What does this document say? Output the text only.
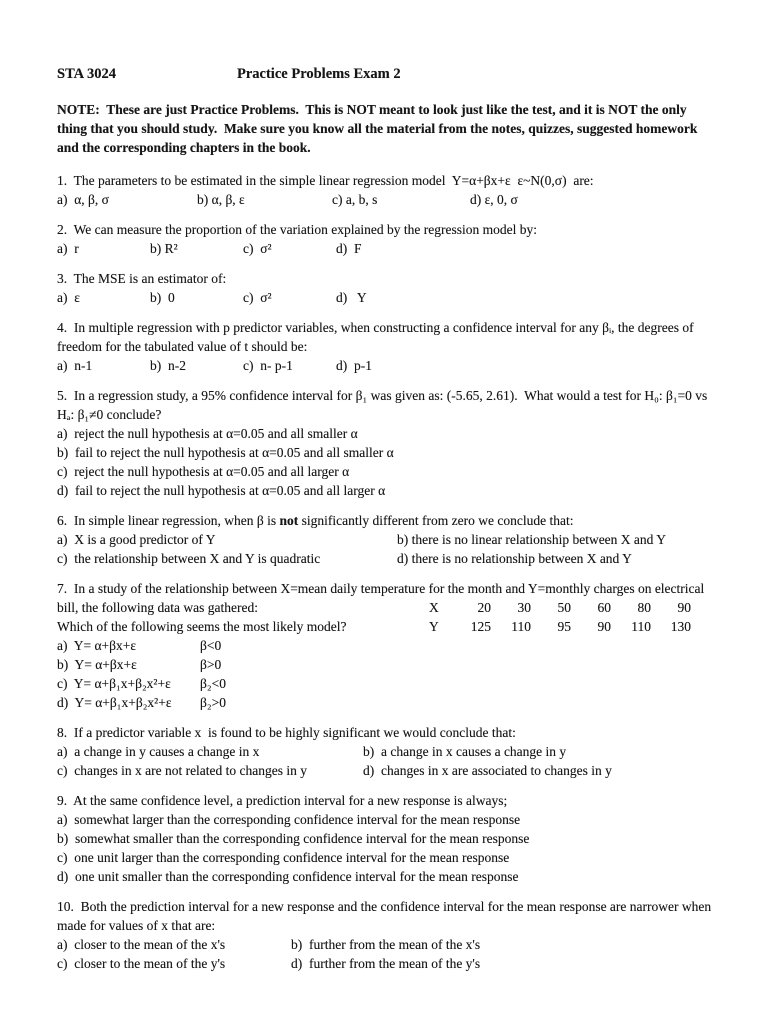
STA 3024	Practice Problems Exam 2

NOTE:  These are just Practice Problems.  This is NOT meant to look just like the test, and it is NOT the only thing that you should study.  Make sure you know all the material from the notes, quizzes, suggested homework and the corresponding chapters in the book.

1.  The parameters to be estimated in the simple linear regression model  Y=α+βx+ε  ε~N(0,σ)  are:

a)  α, β, σ	b) α, β, ε	c) a, b, s	d) ε, 0, σ

2.  We can measure the proportion of the variation explained by the regression model by:

a)  r	b) R²	c)  σ²	d)  F

3.  The MSE is an estimator of:

a)  ε	b)  0	c)  σ²	d)   Y

4.  In multiple regression with p predictor variables, when constructing a confidence interval for any βᵢ, the degrees of freedom for the tabulated value of t should be:

a)  n-1	b)  n-2	c)  n- p-1	d)  p-1

5.  In a regression study, a 95% confidence interval for β₁ was given as: (-5.65, 2.61).  What would a test for H₀: β₁=0 vs Hₐ: β₁≠0 conclude?

a)  reject the null hypothesis at α=0.05 and all smaller α

b)  fail to reject the null hypothesis at α=0.05 and all smaller α

c)  reject the null hypothesis at α=0.05 and all larger α

d)  fail to reject the null hypothesis at α=0.05 and all larger α

6.  In simple linear regression, when β is not significantly different from zero we conclude that:

a)  X is a good predictor of Y	b) there is no linear relationship between X and Y

c)  the relationship between X and Y is quadratic	d) there is no relationship between X and Y

7.  In a study of the relationship between X=mean daily temperature for the month and Y=monthly charges on electrical

bill, the following data was gathered:

Which of the following seems the most likely model?

X	20	30	50	60	80	90
Y	125	110	95	90	110	130

a)  Y= α+βx+ε	β<0

b)  Y= α+βx+ε	β>0

c)  Y= α+β₁x+β₂x²+ε	β₂<0

d)  Y= α+β₁x+β₂x²+ε	β₂>0

8.  If a predictor variable x  is found to be highly significant we would conclude that:

a)  a change in y causes a change in x	b)  a change in x causes a change in y

c)  changes in x are not related to changes in y	d)  changes in x are associated to changes in y

9.  At the same confidence level, a prediction interval for a new response is always;

a)  somewhat larger than the corresponding confidence interval for the mean response

b)  somewhat smaller than the corresponding confidence interval for the mean response

c)  one unit larger than the corresponding confidence interval for the mean response

d)  one unit smaller than the corresponding confidence interval for the mean response

10.  Both the prediction interval for a new response and the confidence interval for the mean response are narrower when made for values of x that are:

a)  closer to the mean of the x's	b)  further from the mean of the x's

c)  closer to the mean of the y's	d)  further from the mean of the y's
